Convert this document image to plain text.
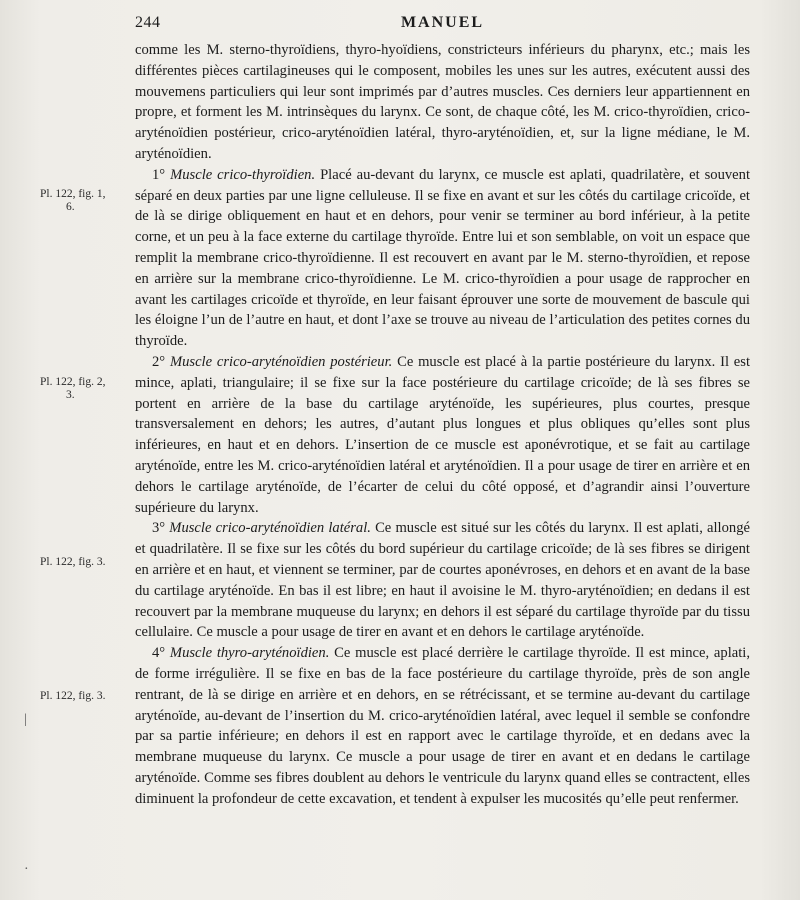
244	MANUEL

comme les M. sterno-thyroïdiens, thyro-hyoïdiens, constricteurs inférieurs du pharynx, etc.; mais les différentes pièces cartilagineuses qui le composent, mobiles les unes sur les autres, exécutent aussi des mouvemens particuliers qui leur sont imprimés par d’autres muscles. Ces derniers leur appartiennent en propre, et forment les M. intrinsèques du larynx. Ce sont, de chaque côté, les M. crico-thyroïdien, crico-aryténoïdien postérieur, crico-aryténoïdien latéral, thyro-aryténoïdien, et, sur la ligne médiane, le M. aryténoïdien.

1° Muscle crico-thyroïdien. Placé au-devant du larynx, ce muscle est aplati, quadrilatère, et souvent séparé en deux parties par une ligne celluleuse. Il se fixe en avant et sur les côtés du cartilage cricoïde, et de là se dirige obliquement en haut et en dehors, pour venir se terminer au bord inférieur, à la petite corne, et un peu à la face externe du cartilage thyroïde. Entre lui et son semblable, on voit un espace que remplit la membrane crico-thyroïdienne. Il est recouvert en avant par le M. sterno-thyroïdien, et repose en arrière sur la membrane crico-thyroïdienne. Le M. crico-thyroïdien a pour usage de rapprocher en avant les cartilages cricoïde et thyroïde, en leur faisant éprouver une sorte de mouvement de bascule qui les éloigne l’un de l’autre en haut, et dont l’axe se trouve au niveau de l’articulation des petites cornes du thyroïde.

2° Muscle crico-aryténoïdien postérieur. Ce muscle est placé à la partie postérieure du larynx. Il est mince, aplati, triangulaire; il se fixe sur la face postérieure du cartilage cricoïde; de là ses fibres se portent en arrière de la base du cartilage aryténoïde, les supérieures, plus courtes, presque transversalement en dehors; les autres, d’autant plus longues et plus obliques qu’elles sont plus inférieures, en haut et en dehors. L’insertion de ce muscle est aponévrotique, et se fait au cartilage aryténoïde, entre les M. crico-aryténoïdien latéral et aryténoïdien. Il a pour usage de tirer en arrière et en dehors le cartilage aryténoïde, de l’écarter de celui du côté opposé, et d’agrandir ainsi l’ouverture supérieure du larynx.

3° Muscle crico-aryténoïdien latéral. Ce muscle est situé sur les côtés du larynx. Il est aplati, allongé et quadrilatère. Il se fixe sur les côtés du bord supérieur du cartilage cricoïde; de là ses fibres se dirigent en arrière et en haut, et viennent se terminer, par de courtes aponévroses, en dehors et en avant de la base du cartilage aryténoïde. En bas il est libre; en haut il avoisine le M. thyro-aryténoïdien; en dedans il est recouvert par la membrane muqueuse du larynx; en dehors il est séparé du cartilage thyroïde par du tissu cellulaire. Ce muscle a pour usage de tirer en avant et en dehors le cartilage aryténoïde.

4° Muscle thyro-aryténoïdien. Ce muscle est placé derrière le cartilage thyroïde. Il est mince, aplati, de forme irrégulière. Il se fixe en bas de la face postérieure du cartilage thyroïde, près de son angle rentrant, de là se dirige en arrière et en dehors, en se rétrécissant, et se termine au-devant du cartilage aryténoïde, au-devant de l’insertion du M. crico-aryténoïdien latéral, avec lequel il semble se confondre par sa partie inférieure; en dehors il est en rapport avec le cartilage thyroïde, et en dedans avec la membrane muqueuse du larynx. Ce muscle a pour usage de tirer en avant et en dedans le cartilage aryténoïde. Comme ses fibres doublent au dehors le ventricule du larynx quand elles se contractent, elles diminuent la profondeur de cette excavation, et tendent à expulser les mucosités qu’elle peut renfermer.

Pl. 122, fig. 1,
6.
Pl. 122, fig. 2,
3.
Pl. 122, fig. 3.
Pl. 122, fig. 3.
|
·
